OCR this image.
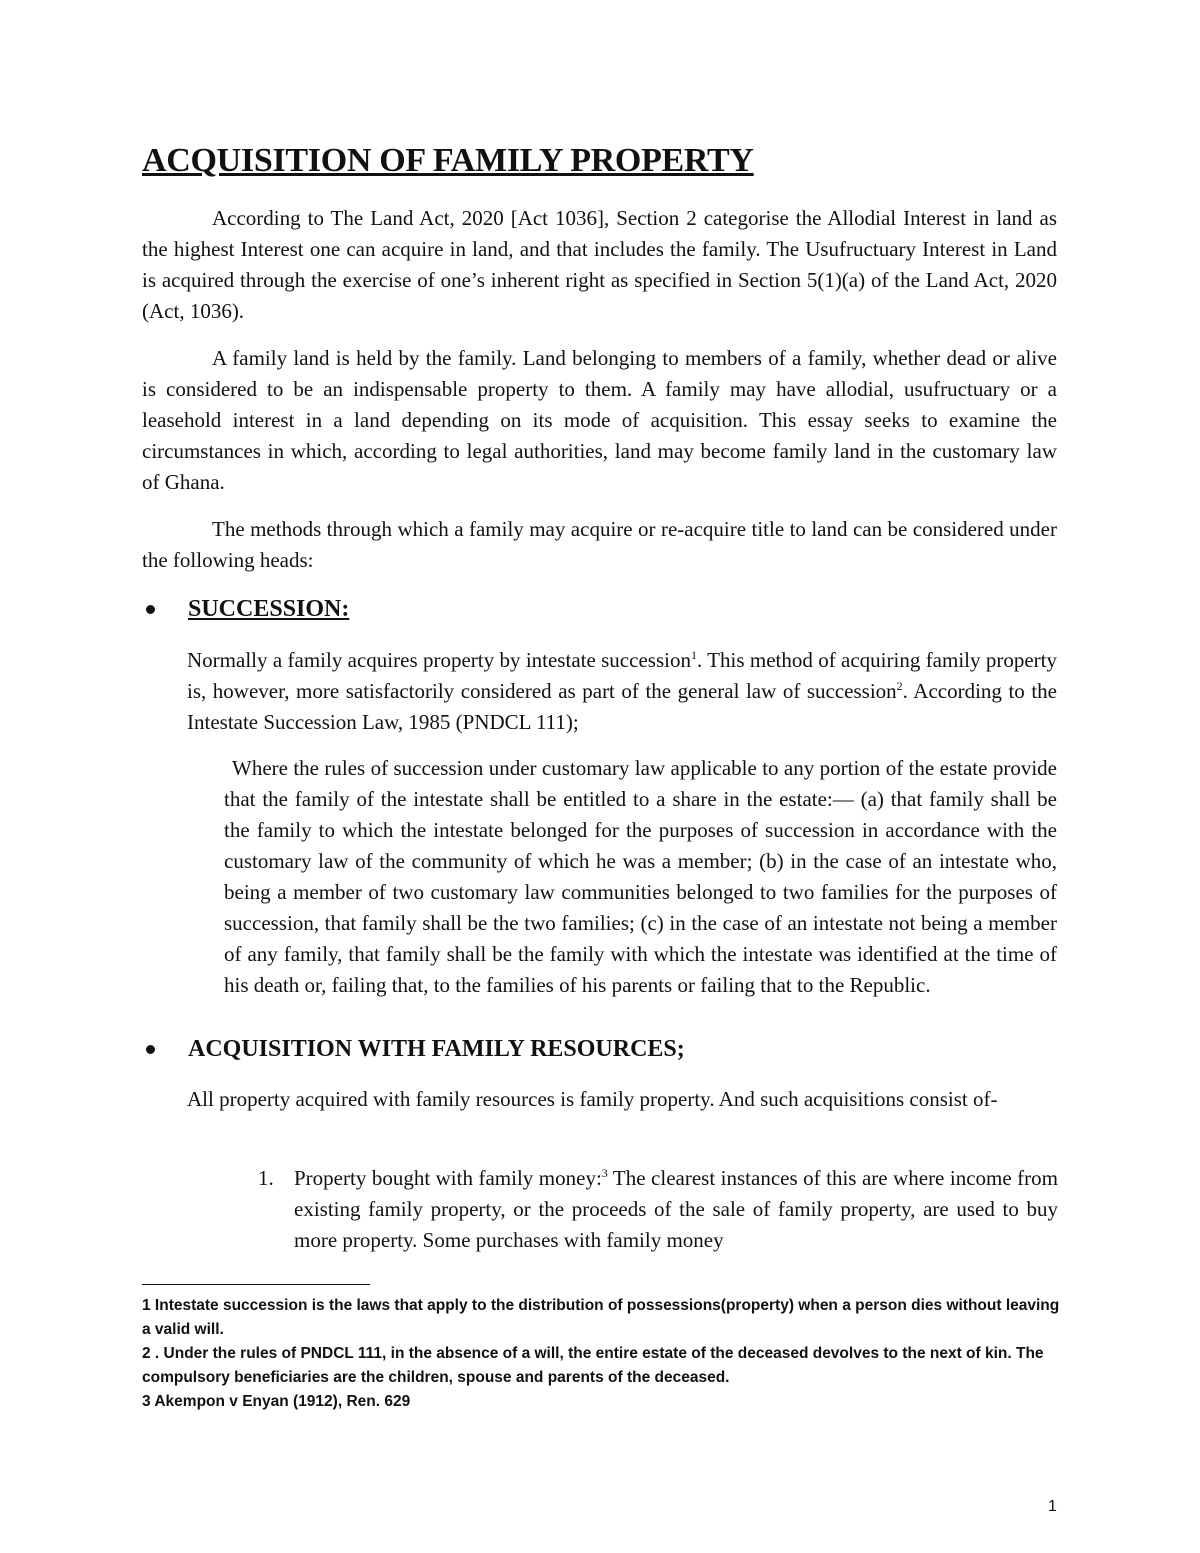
ACQUISITION OF FAMILY PROPERTY

According to The Land Act, 2020 [Act 1036], Section 2 categorise the Allodial Interest in land as the highest Interest one can acquire in land, and that includes the family. The Usufructuary Interest in Land is acquired through the exercise of one’s inherent right as specified in Section 5(1)(a) of the Land Act, 2020 (Act, 1036).

A family land is held by the family. Land belonging to members of a family, whether dead or alive is considered to be an indispensable property to them. A family may have allodial, usufructuary or a leasehold interest in a land depending on its mode of acquisition. This essay seeks to examine the circumstances in which, according to legal authorities, land may become family land in the customary law of Ghana.

The methods through which a family may acquire or re-acquire title to land can be considered under the following heads:

SUCCESSION:

Normally a family acquires property by intestate succession$^1$. This method of acquiring family property is, however, more satisfactorily considered as part of the general law of succession$^2$. According to the Intestate Succession Law, 1985 (PNDCL 111);

Where the rules of succession under customary law applicable to any portion of the estate provide that the family of the intestate shall be entitled to a share in the estate:— (a) that family shall be the family to which the intestate belonged for the purposes of succession in accordance with the customary law of the community of which he was a member; (b) in the case of an intestate who, being a member of two customary law communities belonged to two families for the purposes of succession, that family shall be the two families; (c) in the case of an intestate not being a member of any family, that family shall be the family with which the intestate was identified at the time of his death or, failing that, to the families of his parents or failing that to the Republic.

ACQUISITION WITH FAMILY RESOURCES;

All property acquired with family resources is family property. And such acquisitions consist of-

1. Property bought with family money:$^3$ The clearest instances of this are where income from existing family property, or the proceeds of the sale of family property, are used to buy more property. Some purchases with family money

1 Intestate succession is the laws that apply to the distribution of possessions(property) when a person dies without leaving a valid will.

2 . Under the rules of PNDCL 111, in the absence of a will, the entire estate of the deceased devolves to the next of kin. The compulsory beneficiaries are the children, spouse and parents of the deceased.

3 Akempon v Enyan (1912), Ren. 629

1
